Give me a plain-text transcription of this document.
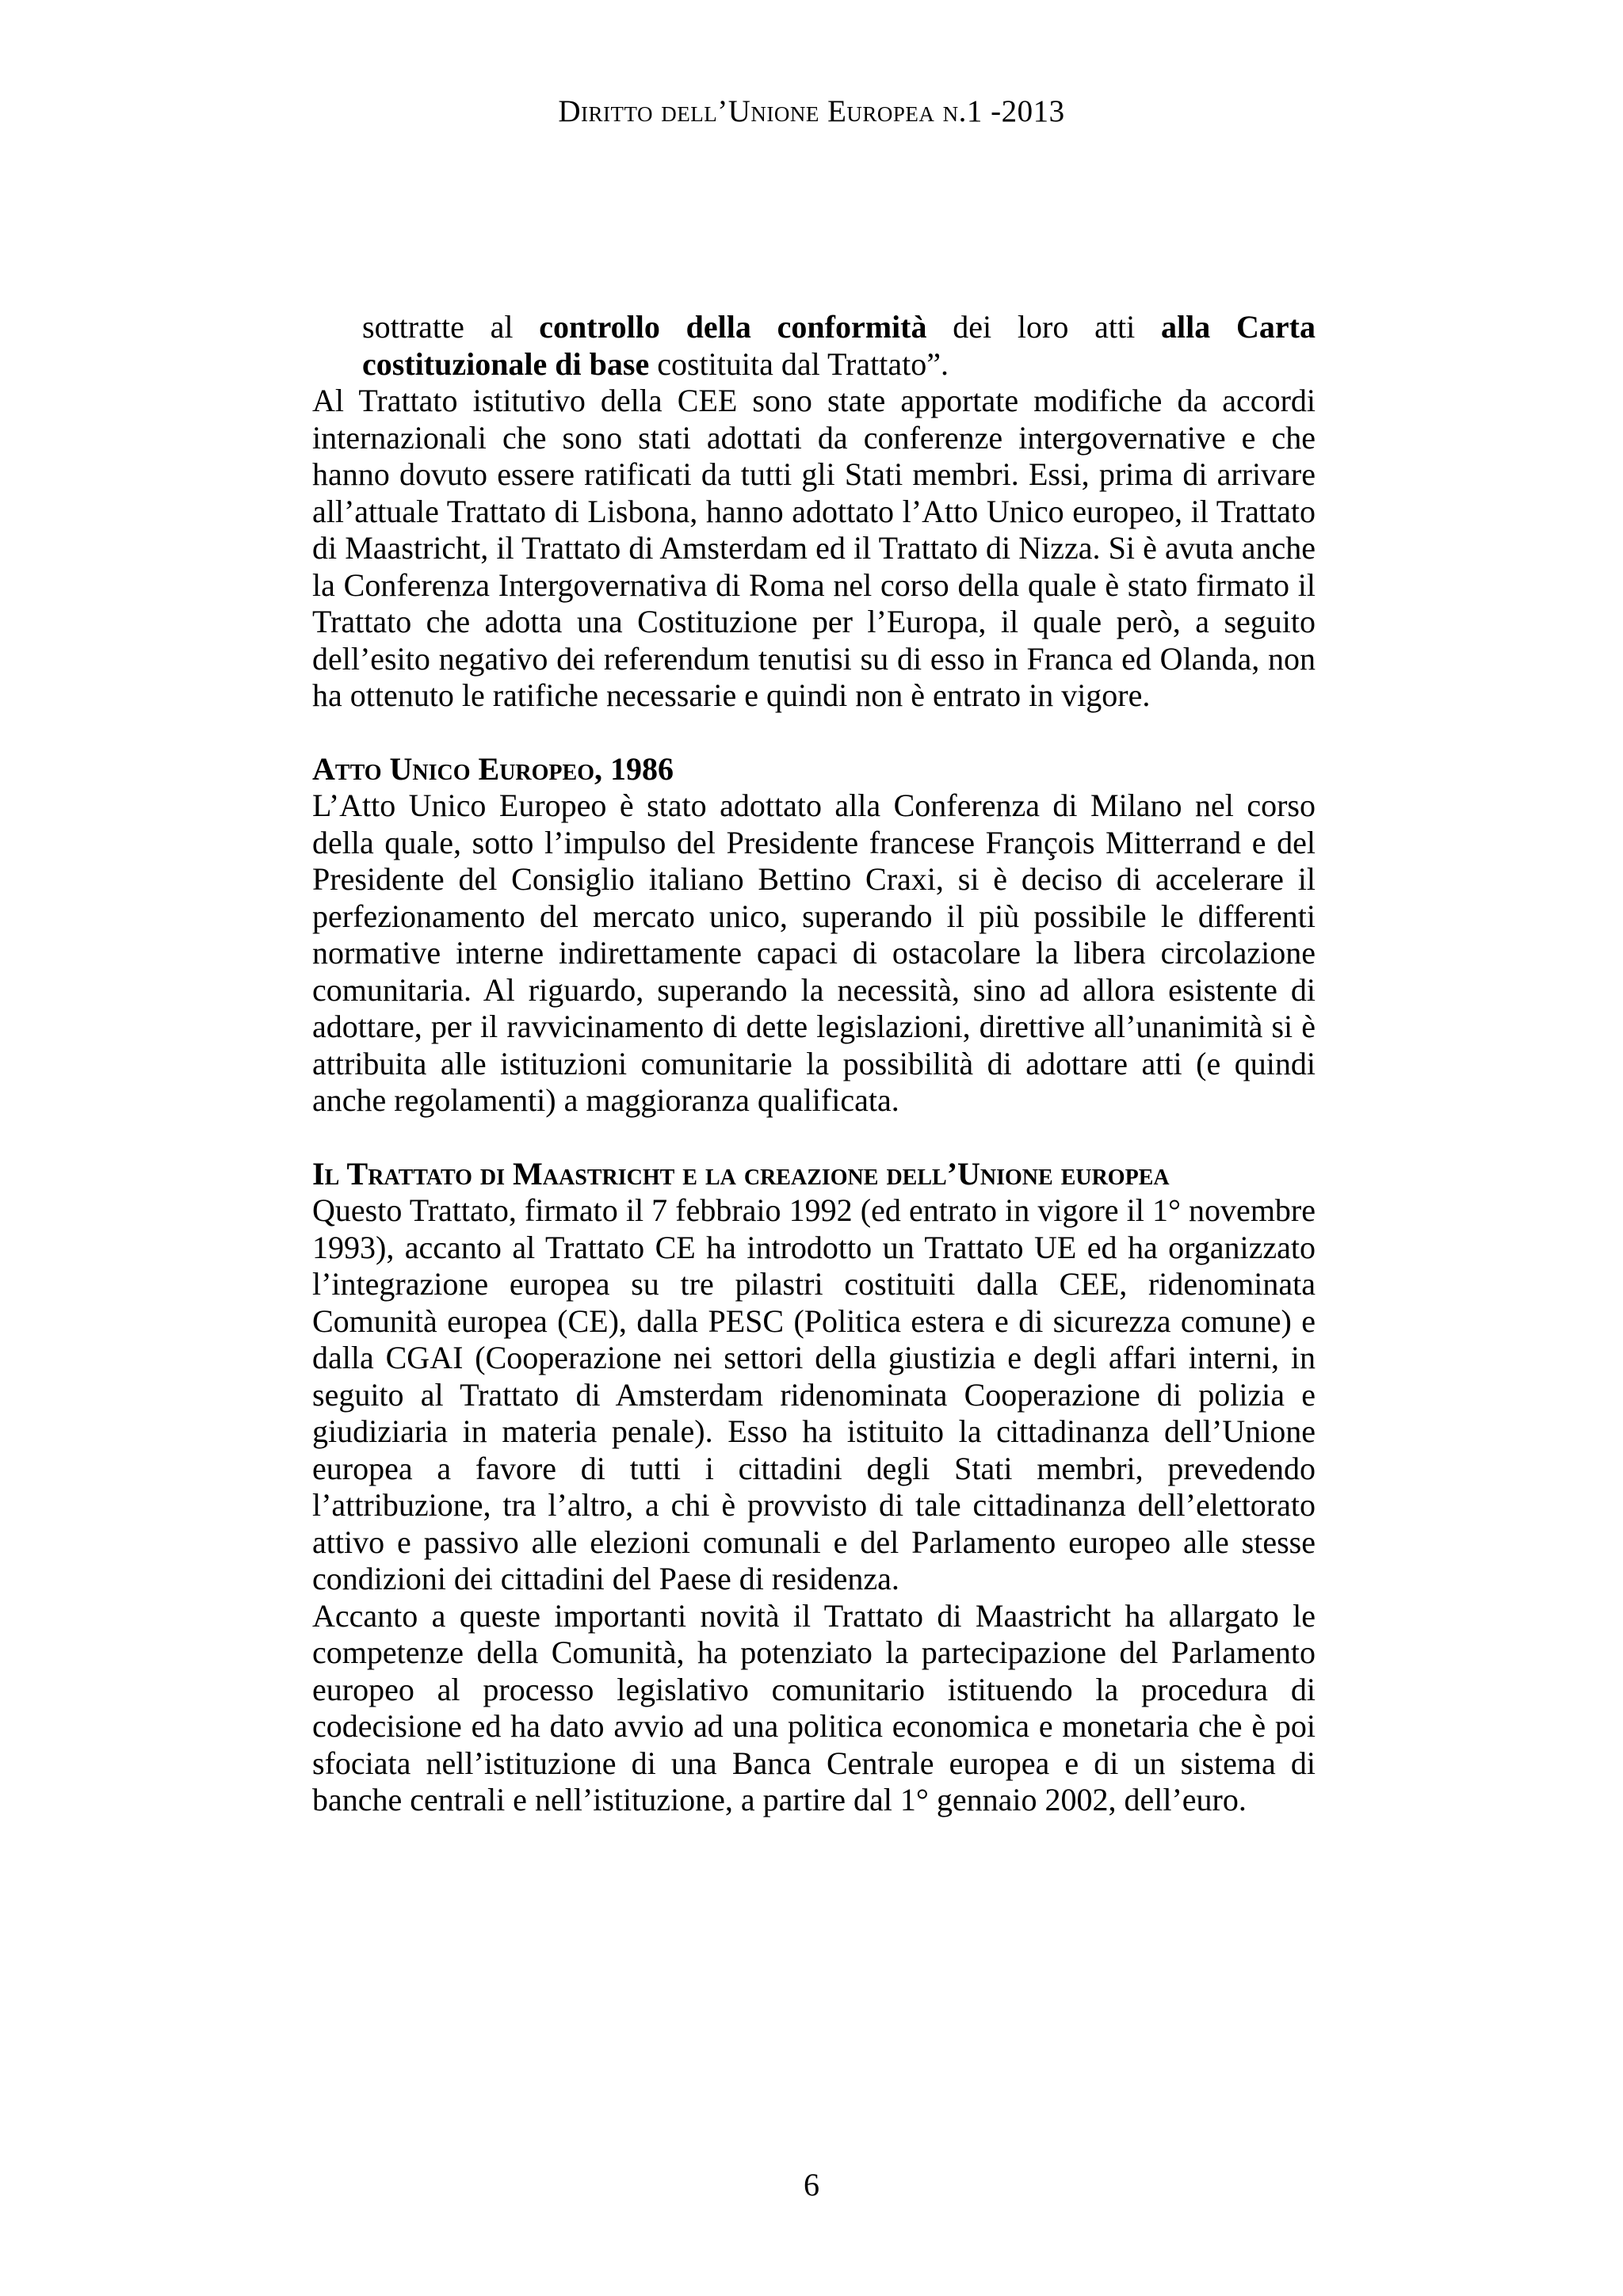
Diritto dell’Unione Europea n.1 -2013

sottratte al controllo della conformità dei loro atti alla Carta costituzionale di base costituita dal Trattato”.

Al Trattato istitutivo della CEE sono state apportate modifiche da accordi internazionali che sono stati adottati da conferenze intergovernative e che hanno dovuto essere ratificati da tutti gli Stati membri. Essi, prima di arrivare all’attuale Trattato di Lisbona, hanno adottato l’Atto Unico europeo, il Trattato di Maastricht, il Trattato di Amsterdam ed il Trattato di Nizza. Si è avuta anche la Conferenza Intergovernativa di Roma nel corso della quale è stato firmato il Trattato che adotta una Costituzione per l’Europa, il quale però, a seguito dell’esito negativo dei referendum tenutisi su di esso in Franca ed Olanda, non ha ottenuto le ratifiche necessarie e quindi non è entrato in vigore.

Atto Unico Europeo, 1986

L’Atto Unico Europeo è stato adottato alla Conferenza di Milano nel corso della quale, sotto l’impulso del Presidente francese François Mitterrand e del Presidente del Consiglio italiano Bettino Craxi, si è deciso di accelerare il perfezionamento del mercato unico, superando il più possibile le differenti normative interne indirettamente capaci di ostacolare la libera circolazione comunitaria. Al riguardo, superando la necessità, sino ad allora esistente di adottare, per il ravvicinamento di dette legislazioni, direttive all’unanimità si è attribuita alle istituzioni comunitarie la possibilità di adottare atti (e quindi anche regolamenti) a maggioranza qualificata.

Il Trattato di Maastricht e la creazione dell’Unione europea

Questo Trattato, firmato il 7 febbraio 1992 (ed entrato in vigore il 1° novembre 1993), accanto al Trattato CE ha introdotto un Trattato UE ed ha organizzato l’integrazione europea su tre pilastri costituiti dalla CEE, ridenominata Comunità europea (CE), dalla PESC (Politica estera e di sicurezza comune) e dalla CGAI (Cooperazione nei settori della giustizia e degli affari interni, in seguito al Trattato di Amsterdam ridenominata Cooperazione di polizia e giudiziaria in materia penale). Esso ha istituito la cittadinanza dell’Unione europea a favore di tutti i cittadini degli Stati membri, prevedendo l’attribuzione, tra l’altro, a chi è provvisto di tale cittadinanza dell’elettorato attivo e passivo alle elezioni comunali e del Parlamento europeo alle stesse condizioni dei cittadini del Paese di residenza.

Accanto a queste importanti novità il Trattato di Maastricht ha allargato le competenze della Comunità, ha potenziato la partecipazione del Parlamento europeo al processo legislativo comunitario istituendo la procedura di codecisione ed ha dato avvio ad una politica economica e monetaria che è poi sfociata nell’istituzione di una Banca Centrale europea e di un sistema di banche centrali e nell’istituzione, a partire dal 1° gennaio 2002, dell’euro.

6
